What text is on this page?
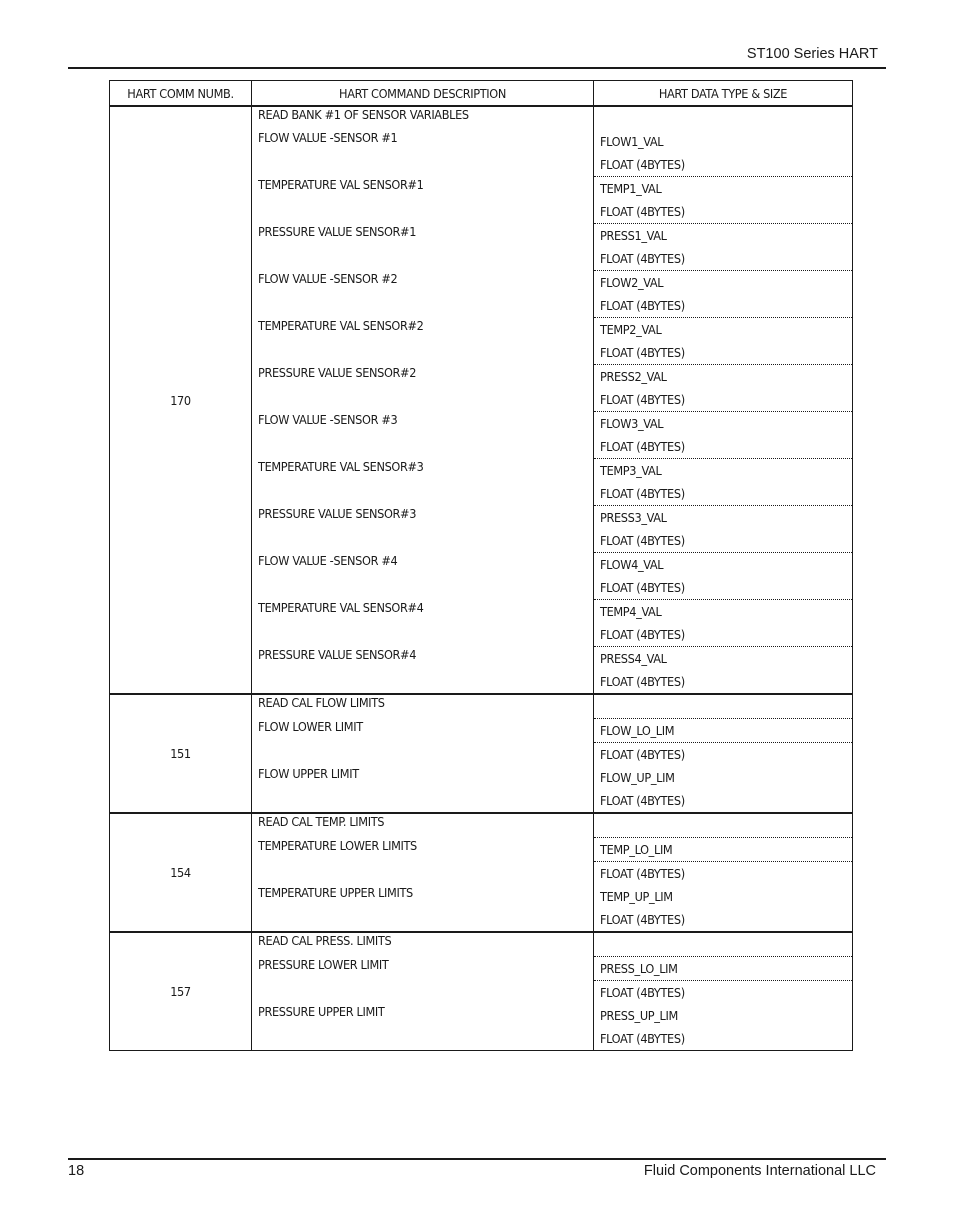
ST100 Series HART
HART COMM NUMB.	HART COMMAND DESCRIPTION	HART DATA TYPE & SIZE
170	READ BANK #1 OF SENSOR VARIABLES	
	FLOW VALUE -SENSOR #1	FLOW1_VAL
		FLOAT (4BYTES)
	TEMPERATURE VAL SENSOR#1	TEMP1_VAL
		FLOAT (4BYTES)
	PRESSURE VALUE SENSOR#1	PRESS1_VAL
		FLOAT (4BYTES)
	FLOW VALUE -SENSOR #2	FLOW2_VAL
		FLOAT (4BYTES)
	TEMPERATURE VAL SENSOR#2	TEMP2_VAL
		FLOAT (4BYTES)
	PRESSURE VALUE SENSOR#2	PRESS2_VAL
		FLOAT (4BYTES)
	FLOW VALUE -SENSOR #3	FLOW3_VAL
		FLOAT (4BYTES)
	TEMPERATURE VAL SENSOR#3	TEMP3_VAL
		FLOAT (4BYTES)
	PRESSURE VALUE SENSOR#3	PRESS3_VAL
		FLOAT (4BYTES)
	FLOW VALUE -SENSOR #4	FLOW4_VAL
		FLOAT (4BYTES)
	TEMPERATURE VAL SENSOR#4	TEMP4_VAL
		FLOAT (4BYTES)
	PRESSURE VALUE SENSOR#4	PRESS4_VAL
		FLOAT (4BYTES)
151	READ CAL FLOW LIMITS	
	FLOW LOWER LIMIT	FLOW_LO_LIM
		FLOAT (4BYTES)
	FLOW UPPER LIMIT	FLOW_UP_LIM
		FLOAT (4BYTES)
154	READ CAL TEMP. LIMITS	
	TEMPERATURE LOWER LIMITS	TEMP_LO_LIM
		FLOAT (4BYTES)
	TEMPERATURE UPPER LIMITS	TEMP_UP_LIM
		FLOAT (4BYTES)
157	READ CAL PRESS. LIMITS	
	PRESSURE LOWER LIMIT	PRESS_LO_LIM
		FLOAT (4BYTES)
	PRESSURE UPPER LIMIT	PRESS_UP_LIM
		FLOAT (4BYTES)
18	Fluid Components International LLC
